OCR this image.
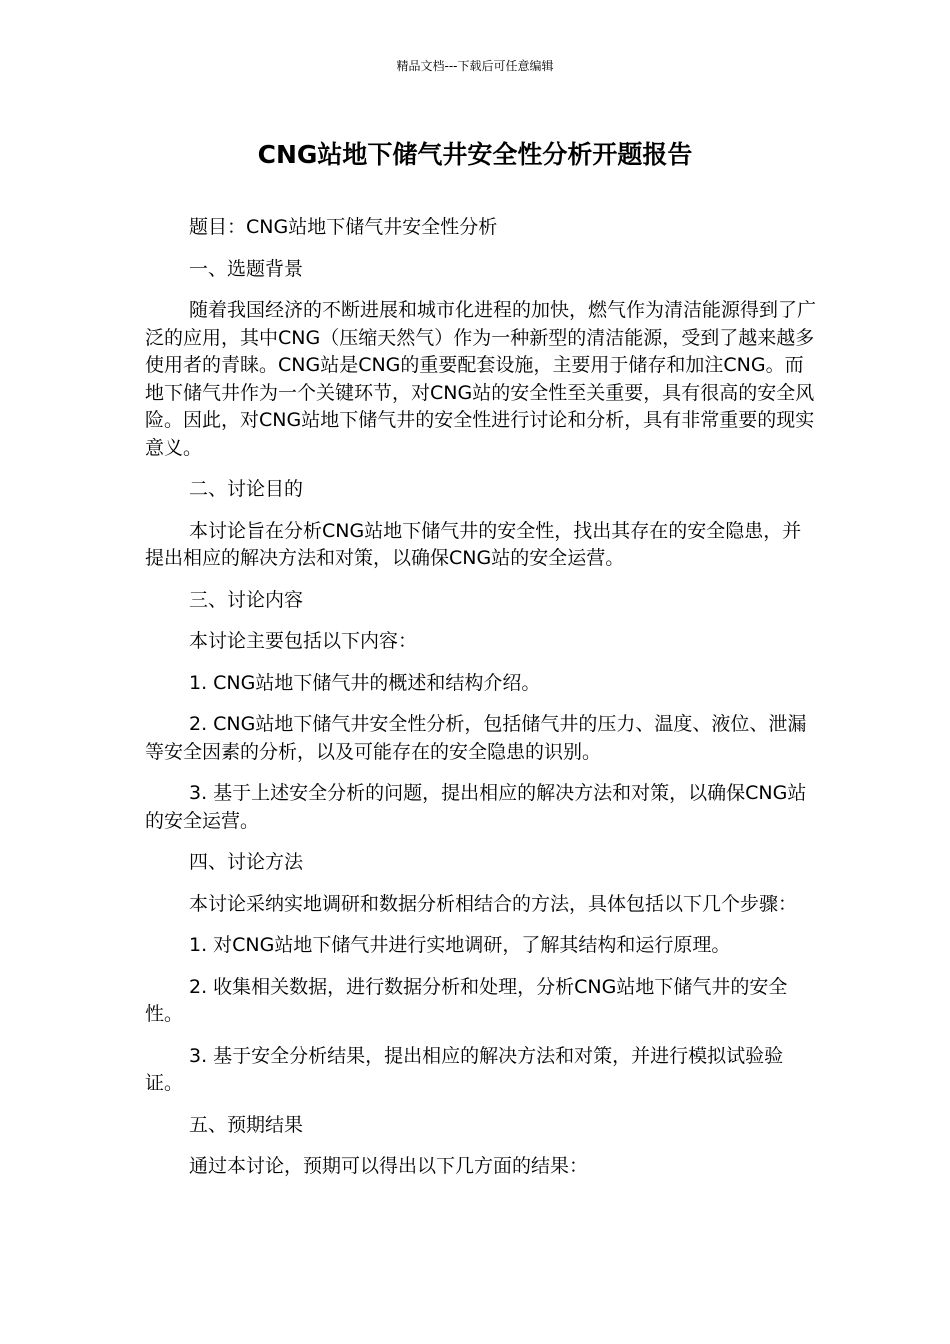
精品文档---下载后可任意编辑
CNG站地下储气井安全性分析开题报告

题目：CNG站地下储气井安全性分析

一、选题背景

随着我国经济的不断进展和城市化进程的加快，燃气作为清洁能源得到了广泛的应用，其中CNG（压缩天然气）作为一种新型的清洁能源，受到了越来越多使用者的青睐。CNG站是CNG的重要配套设施，主要用于储存和加注CNG。而地下储气井作为一个关键环节，对CNG站的安全性至关重要，具有很高的安全风险。因此，对CNG站地下储气井的安全性进行讨论和分析，具有非常重要的现实意义。

二、讨论目的

本讨论旨在分析CNG站地下储气井的安全性，找出其存在的安全隐患，并提出相应的解决方法和对策，以确保CNG站的安全运营。

三、讨论内容

本讨论主要包括以下内容：

1. CNG站地下储气井的概述和结构介绍。

2. CNG站地下储气井安全性分析，包括储气井的压力、温度、液位、泄漏等安全因素的分析，以及可能存在的安全隐患的识别。

3. 基于上述安全分析的问题，提出相应的解决方法和对策，以确保CNG站的安全运营。

四、讨论方法

本讨论采纳实地调研和数据分析相结合的方法，具体包括以下几个步骤：

1. 对CNG站地下储气井进行实地调研，了解其结构和运行原理。

2. 收集相关数据，进行数据分析和处理，分析CNG站地下储气井的安全性。

3. 基于安全分析结果，提出相应的解决方法和对策，并进行模拟试验验证。

五、预期结果

通过本讨论，预期可以得出以下几方面的结果：
